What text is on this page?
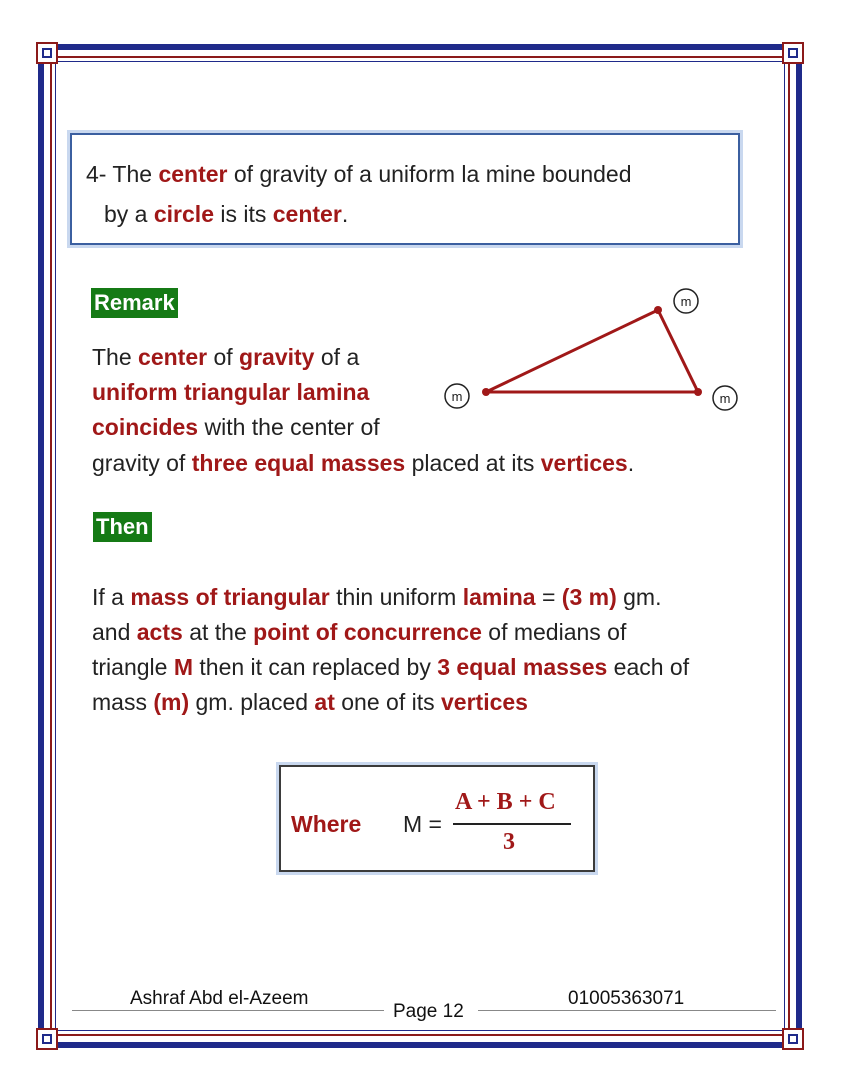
4- The center of gravity of a uniform la mine bounded
by a circle is its center.
Remark
The center of gravity of a
uniform triangular lamina
coincides with the center of
gravity of three equal masses placed at its vertices.
m
m
m
Then
If a mass of triangular thin uniform lamina = (3 m) gm.
and acts at the point of concurrence of medians of
triangle M then it can replaced by 3 equal masses each of
mass (m) gm. placed at one of its vertices
Where M =
A + B + C
3
Ashraf Abd el-Azeem
Page 12
01005363071
